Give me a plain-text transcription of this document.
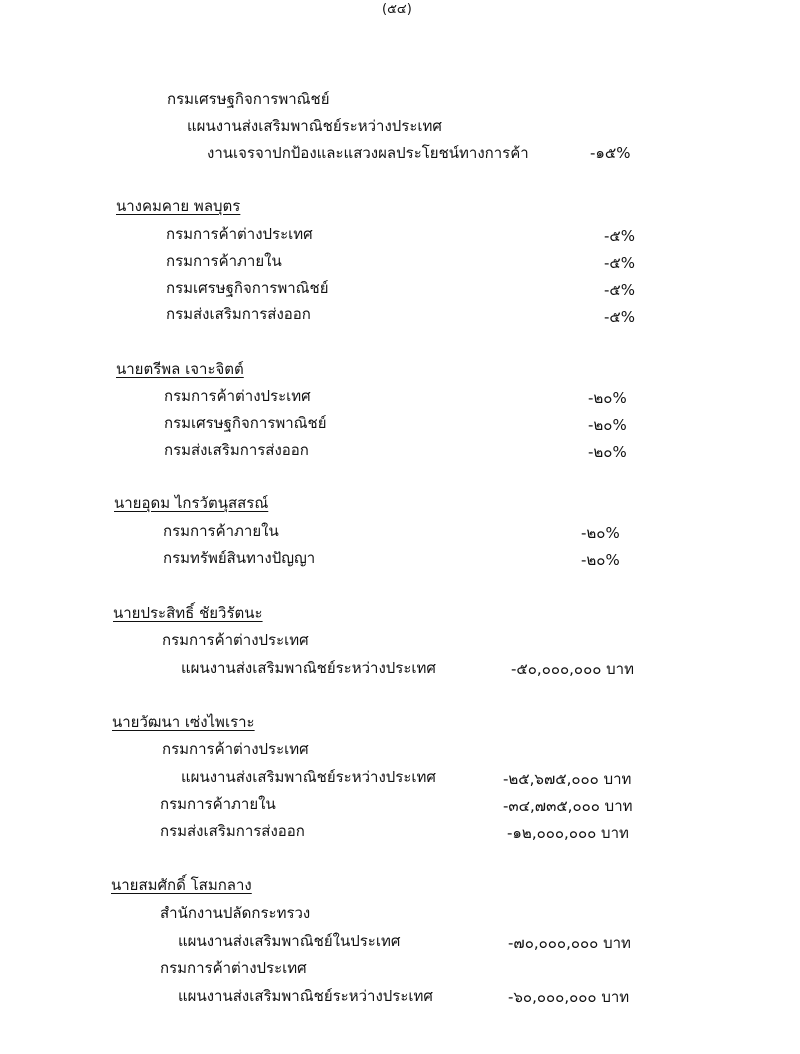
(๕๔)
กรมเศรษฐกิจการพาณิชย์
แผนงานส่งเสริมพาณิชย์ระหว่างประเทศ
งานเจรจาปกป้องและแสวงผลประโยชน์ทางการค้า	-๑๕%
นางคมคาย พลบุตร
กรมการค้าต่างประเทศ	-๕%
กรมการค้าภายใน	-๕%
กรมเศรษฐกิจการพาณิชย์	-๕%
กรมส่งเสริมการส่งออก	-๕%
นายตรีพล เจาะจิตต์
กรมการค้าต่างประเทศ	-๒๐%
กรมเศรษฐกิจการพาณิชย์	-๒๐%
กรมส่งเสริมการส่งออก	-๒๐%
นายอุดม ไกรวัตนุสสรณ์
กรมการค้าภายใน	-๒๐%
กรมทรัพย์สินทางปัญญา	-๒๐%
นายประสิทธิ์ ชัยวิรัตนะ
กรมการค้าต่างประเทศ
แผนงานส่งเสริมพาณิชย์ระหว่างประเทศ	-๕๐,๐๐๐,๐๐๐ บาท
นายวัฒนา เซ่งไพเราะ
กรมการค้าต่างประเทศ
แผนงานส่งเสริมพาณิชย์ระหว่างประเทศ	-๒๕,๖๗๕,๐๐๐ บาท
กรมการค้าภายใน	-๓๔,๗๓๕,๐๐๐ บาท
กรมส่งเสริมการส่งออก	-๑๒,๐๐๐,๐๐๐ บาท
นายสมศักดิ์ โสมกลาง
สำนักงานปลัดกระทรวง
แผนงานส่งเสริมพาณิชย์ในประเทศ	-๗๐,๐๐๐,๐๐๐ บาท
กรมการค้าต่างประเทศ
แผนงานส่งเสริมพาณิชย์ระหว่างประเทศ	-๖๐,๐๐๐,๐๐๐ บาท
